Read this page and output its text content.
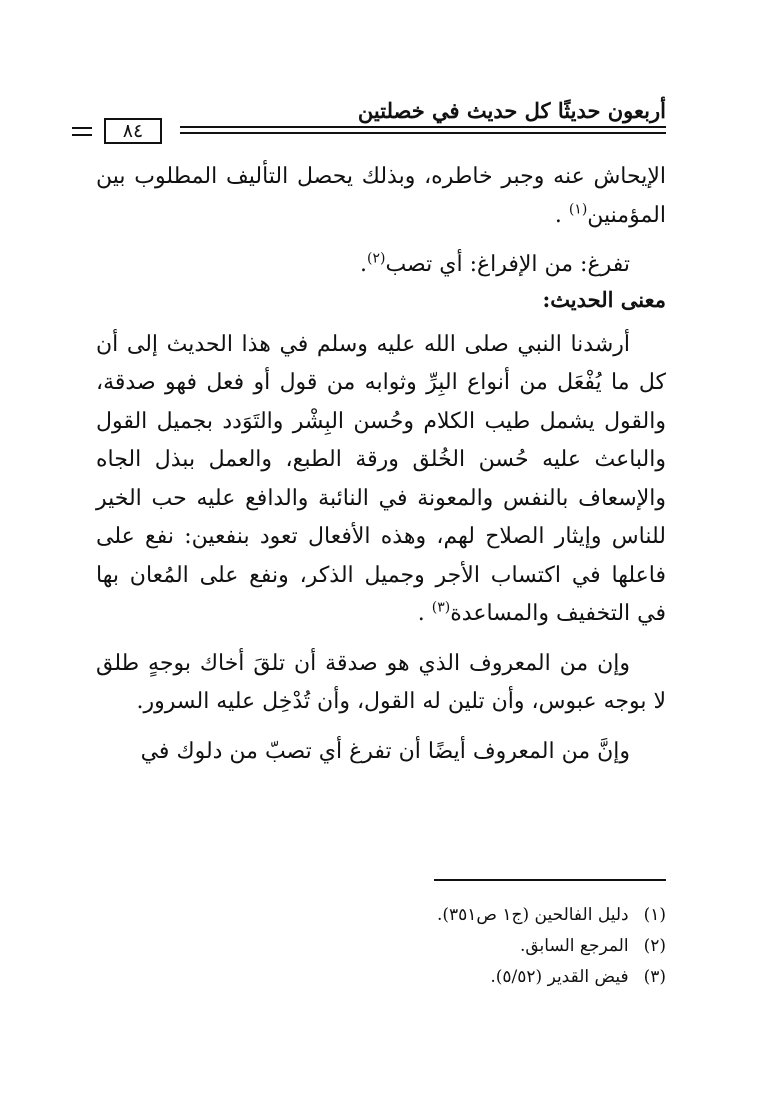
أربعون حديثًا كل حديث في خصلتين
٨٤

الإيحاش عنه وجبر خاطره، وبذلك يحصل التأليف المطلوب بين المؤمنين$^{(١)}$ .

تفرغ: من الإفراغ: أي تصب$^{(٢)}$.

معنى الحديث:

أرشدنا النبي صلى الله عليه وسلم في هذا الحديث إلى أن كل ما يُفْعَل من أنواع البِرِّ وثوابه من قول أو فعل فهو صدقة، والقول يشمل طيب الكلام وحُسن البِشْر والتَوَدد بجميل القول والباعث عليه حُسن الخُلق ورقة الطبع، والعمل ببذل الجاه والإسعاف بالنفس والمعونة في النائبة والدافع عليه حب الخير للناس وإيثار الصلاح لهم، وهذه الأفعال تعود بنفعين: نفع على فاعلها في اكتساب الأجر وجميل الذكر، ونفع على المُعان بها في التخفيف والمساعدة$^{(٣)}$ .

وإن من المعروف الذي هو صدقة أن تلقَ أخاك بوجهٍ طلق لا بوجه عبوس، وأن تلين له القول، وأن تُدْخِل عليه السرور.

وإنَّ من المعروف أيضًا أن تفرغ أي تصبّ من دلوك في

(١) دليل الفالحين (ج١ ص٣٥١).
(٢) المرجع السابق.
(٣) فيض القدير (٥/٥٢).
